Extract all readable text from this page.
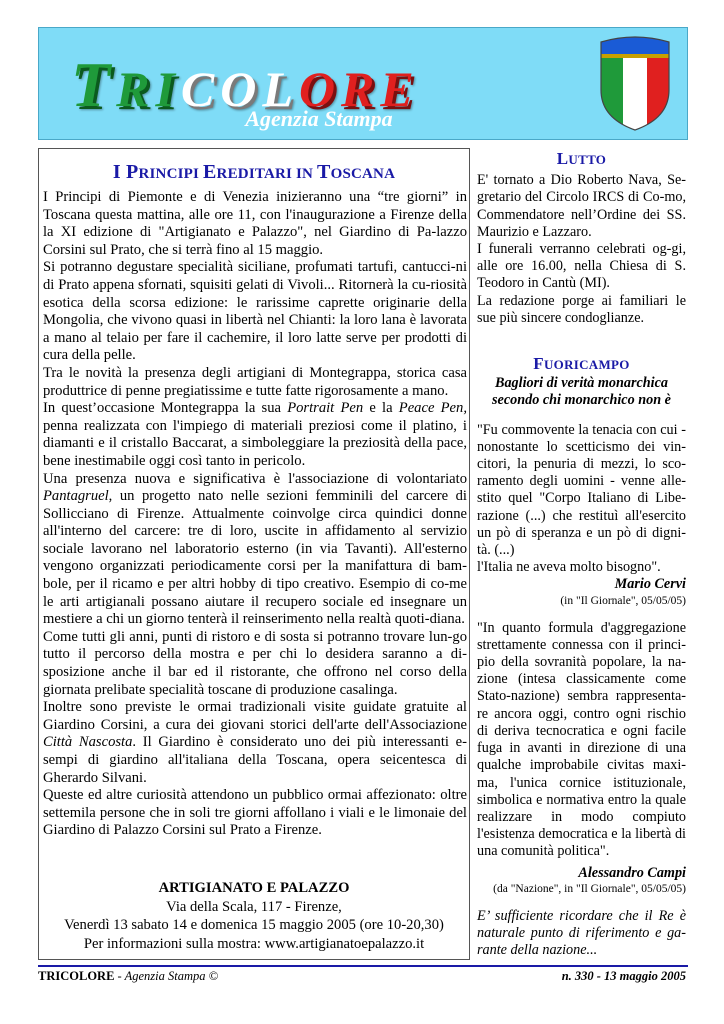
T R I C O L O R E
Agenzia Stampa
I PRINCIPI EREDITARI IN TOSCANA

I Principi di Piemonte e di Venezia inizieranno una “tre giorni” in Toscana questa mattina, alle ore 11, con l'inaugurazione a Firenze della la XI edizione di "Artigianato e Palazzo", nel Giardino di Pa-lazzo Corsini sul Prato, che si terrà fino al 15 maggio.

Si potranno degustare specialità siciliane, profumati tartufi, cantucci-ni di Prato appena sfornati, squisiti gelati di Vivoli... Ritornerà la cu-riosità esotica della scorsa edizione: le rarissime caprette originarie della Mongolia, che vivono quasi in libertà nel Chianti: la loro lana è lavorata a mano al telaio per fare il cachemire, il loro latte serve per prodotti di cura della pelle.

Tra le novità la presenza degli artigiani di Montegrappa, storica casa produttrice di penne pregiatissime e tutte fatte rigorosamente a mano.

In quest’occasione Montegrappa la sua Portrait Pen e la Peace Pen, penna realizzata con l'impiego di materiali preziosi come il platino, i diamanti e il cristallo Baccarat, a simboleggiare la preziosità della pace, bene inestimabile oggi così tanto in pericolo.

Una presenza nuova e significativa è l'associazione di volontariato Pantagruel, un progetto nato nelle sezioni femminili del carcere di Sollicciano di Firenze. Attualmente coinvolge circa quindici donne all'interno del carcere: tre di loro, uscite in affidamento al servizio sociale lavorano nel laboratorio esterno (in via Tavanti). All'esterno vengono organizzati periodicamente corsi per la manifattura di bam-bole, per il ricamo e per altri hobby di tipo creativo. Esempio di co-me le arti artigianali possano aiutare il recupero sociale ed insegnare un mestiere a chi un giorno tenterà il reinserimento nella realtà quoti-diana.

Come tutti gli anni, punti di ristoro e di sosta si potranno trovare lun-go tutto il percorso della mostra e per chi lo desidera saranno a di-sposizione anche il bar ed il ristorante, che offrono nel corso della giornata prelibate specialità toscane di produzione casalinga.

Inoltre sono previste le ormai tradizionali visite guidate gratuite al Giardino Corsini, a cura dei giovani storici dell'arte dell'Associazione Città Nascosta. Il Giardino è considerato uno dei più interessanti e-sempi di giardino all'italiana della Toscana, opera seicentesca di Gherardo Silvani.

Queste ed altre curiosità attendono un pubblico ormai affezionato: oltre settemila persone che in soli tre giorni affollano i viali e le limonaie del Giardino di Palazzo Corsini sul Prato a Firenze.

ARTIGIANATO E PALAZZO
Via della Scala, 117 - Firenze,
Venerdì 13 sabato 14 e domenica 15 maggio 2005 (ore 10-20,30)
Per informazioni sulla mostra: www.artigianatoepalazzo.it
LUTTO

E' tornato a Dio Roberto Nava, Se-gretario del Circolo IRCS di Co-mo, Commendatore nell’Ordine dei SS. Maurizio e Lazzaro.

I funerali verranno celebrati og-gi, alle ore 16.00, nella Chiesa di S. Teodoro in Cantù (MI).

La redazione porge ai familiari le sue più sincere condoglianze.

FUORICAMPO
Bagliori di verità monarchica secondo chi monarchico non è
"Fu commovente la tenacia con cui - nonostante lo scetticismo dei vin-citori, la penuria di mezzi, lo sco-ramento degli uomini - venne alle-stito quel "Corpo Italiano di Libe-razione (...) che restituì all'esercito un pò di speranza e un pò di digni-tà. (...)
l'Italia ne aveva molto bisogno".
Mario Cervi
(in "Il Giornale", 05/05/05)
"In quanto formula d'aggregazione strettamente connessa con il princi-pio della sovranità popolare, la na-zione (intesa classicamente come Stato-nazione) sembra rappresenta-re ancora oggi, contro ogni rischio di deriva tecnocratica e ogni facile fuga in avanti in direzione di una qualche improbabile civitas maxi-ma, l'unica cornice istituzionale, simbolica e normativa entro la quale realizzare in modo compiuto l'esistenza democratica e la libertà di una comunità politica".
Alessandro Campi
(da "Nazione", in "Il Giornale", 05/05/05)
E’ sufficiente ricordare che il Re è naturale punto di riferimento e ga-rante della nazione...
TRICOLORE - Agenzia Stampa ©	n. 330 - 13 maggio 2005
